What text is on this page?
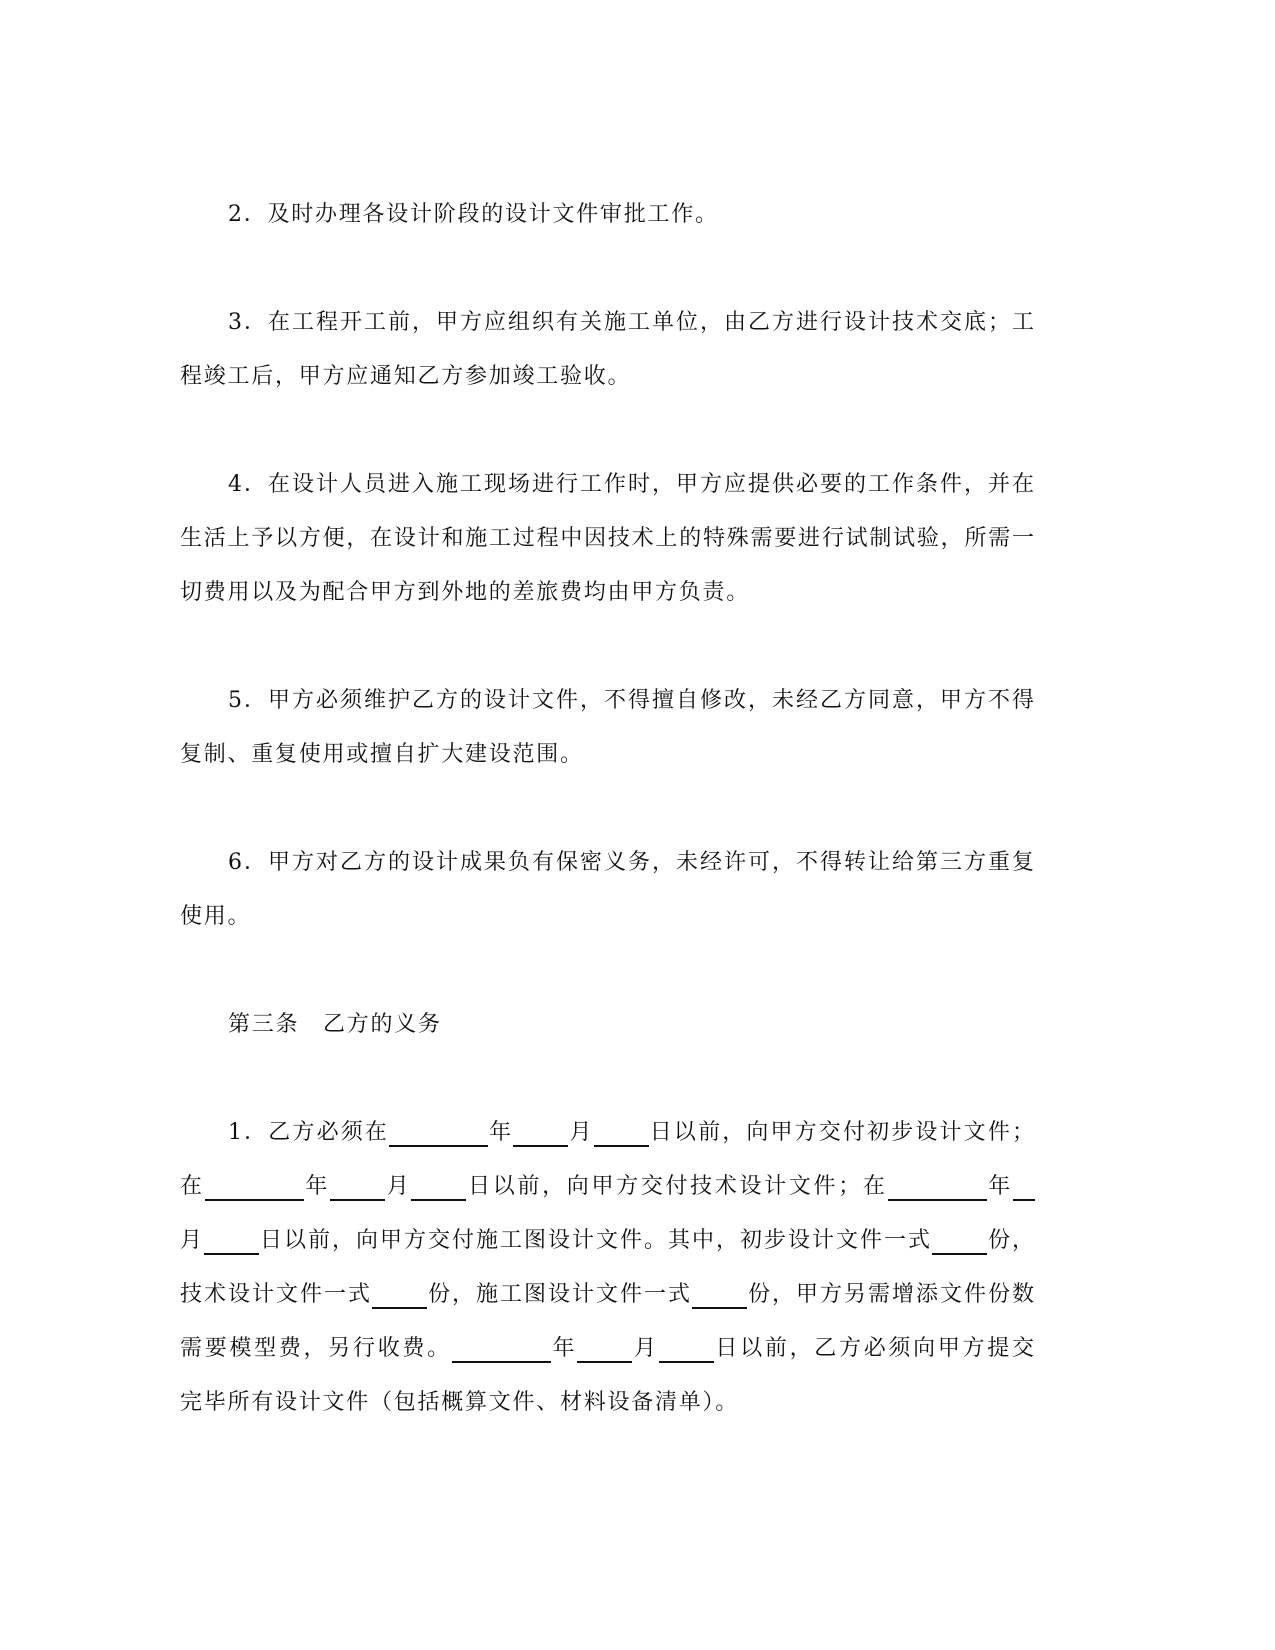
2．及时办理各设计阶段的设计文件审批工作。
3．在工程开工前，甲方应组织有关施工单位，由乙方进行设计技术交底；工
程竣工后，甲方应通知乙方参加竣工验收。
4．在设计人员进入施工现场进行工作时，甲方应提供必要的工作条件，并在
生活上予以方便，在设计和施工过程中因技术上的特殊需要进行试制试验，所需一
切费用以及为配合甲方到外地的差旅费均由甲方负责。
5．甲方必须维护乙方的设计文件，不得擅自修改，未经乙方同意，甲方不得
复制、重复使用或擅自扩大建设范围。
6．甲方对乙方的设计成果负有保密义务，未经许可，不得转让给第三方重复
使用。
第三条　乙方的义务
1．乙方必须在	年	月	日以前，向甲方交付初步设计文件；
在	年	月	日以前，向甲方交付技术设计文件；在	年
月	日以前，向甲方交付施工图设计文件。其中，初步设计文件一式	份，
技术设计文件一式	份，施工图设计文件一式	份，甲方另需增添文件份数
需要模型费，另行收费。	年	月	日以前，乙方必须向甲方提交
完毕所有设计文件（包括概算文件、材料设备清单）。
